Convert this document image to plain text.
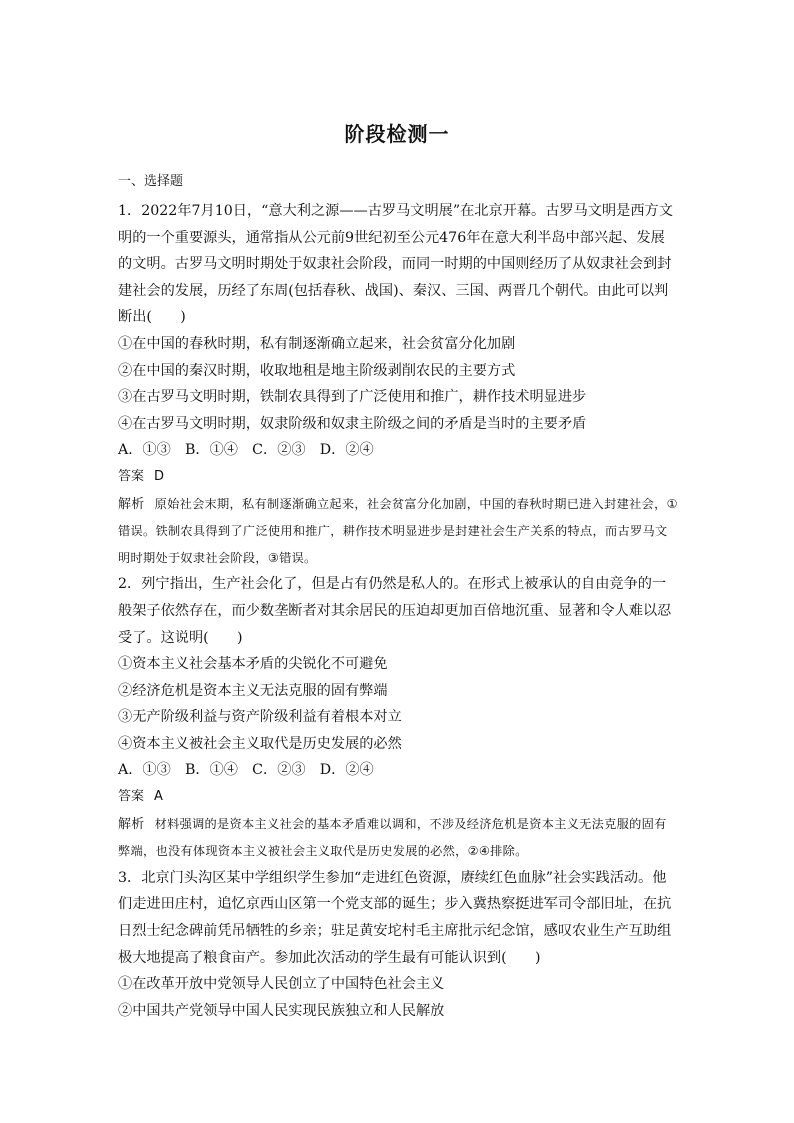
阶段检测一
一、选择题
1．2022年7月10日，“意大利之源——古罗马文明展”在北京开幕。古罗马文明是西方文明的一个重要源头，通常指从公元前9世纪初至公元476年在意大利半岛中部兴起、发展的文明。古罗马文明时期处于奴隶社会阶段，而同一时期的中国则经历了从奴隶社会到封建社会的发展，历经了东周(包括春秋、战国)、秦汉、三国、两晋几个朝代。由此可以判断出(　　)
①在中国的春秋时期，私有制逐渐确立起来，社会贫富分化加剧
②在中国的秦汉时期，收取地租是地主阶级剥削农民的主要方式
③在古罗马文明时期，铁制农具得到了广泛使用和推广，耕作技术明显进步
④在古罗马文明时期，奴隶阶级和奴隶主阶级之间的矛盾是当时的主要矛盾
A．①③　B．①④　C．②③　D．②④
答案 D
解析 原始社会末期，私有制逐渐确立起来，社会贫富分化加剧，中国的春秋时期已进入封建社会，①错误。铁制农具得到了广泛使用和推广，耕作技术明显进步是封建社会生产关系的特点，而古罗马文明时期处于奴隶社会阶段，③错误。
2．列宁指出，生产社会化了，但是占有仍然是私人的。在形式上被承认的自由竞争的一般架子依然存在，而少数垄断者对其余居民的压迫却更加百倍地沉重、显著和令人难以忍受了。这说明(　　)
①资本主义社会基本矛盾的尖锐化不可避免
②经济危机是资本主义无法克服的固有弊端
③无产阶级利益与资产阶级利益有着根本对立
④资本主义被社会主义取代是历史发展的必然
A．①③　B．①④　C．②③　D．②④
答案 A
解析 材料强调的是资本主义社会的基本矛盾难以调和，不涉及经济危机是资本主义无法克服的固有弊端，也没有体现资本主义被社会主义取代是历史发展的必然，②④排除。
3．北京门头沟区某中学组织学生参加“走进红色资源，赓续红色血脉”社会实践活动。他们走进田庄村，追忆京西山区第一个党支部的诞生；步入冀热察挺进军司令部旧址，在抗日烈士纪念碑前凭吊牺牲的乡亲；驻足黄安坨村毛主席批示纪念馆，感叹农业生产互助组极大地提高了粮食亩产。参加此次活动的学生最有可能认识到(　　)
①在改革开放中党领导人民创立了中国特色社会主义
②中国共产党领导中国人民实现民族独立和人民解放
